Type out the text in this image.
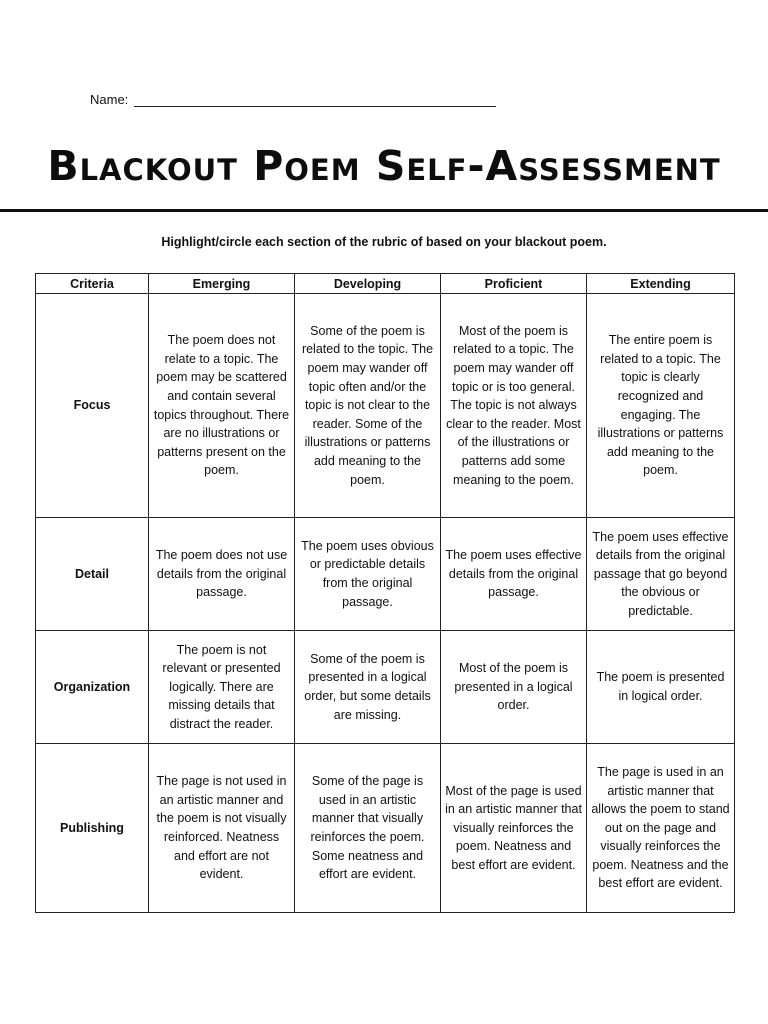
Name:
Blackout Poem Self-Assessment
Highlight/circle each section of the rubric of based on your blackout poem.
Criteria	Emerging	Developing	Proficient	Extending
Focus	The poem does not relate to a topic. The poem may be scattered and contain several topics throughout. There are no illustrations or patterns present on the poem.	Some of the poem is related to the topic. The poem may wander off topic often and/or the topic is not clear to the reader. Some of the illustrations or patterns add meaning to the poem.	Most of the poem is related to a topic. The poem may wander off topic or is too general. The topic is not always clear to the reader. Most of the illustrations or patterns add some meaning to the poem.	The entire poem is related to a topic. The topic is clearly recognized and engaging. The illustrations or patterns add meaning to the poem.
Detail	The poem does not use details from the original passage.	The poem uses obvious or predictable details from the original passage.	The poem uses effective details from the original passage.	The poem uses effective details from the original passage that go beyond the obvious or predictable.
Organization	The poem is not relevant or presented logically. There are missing details that distract the reader.	Some of the poem is presented in a logical order, but some details are missing.	Most of the poem is presented in a logical order.	The poem is presented in logical order.
Publishing	The page is not used in an artistic manner and the poem is not visually reinforced. Neatness and effort are not evident.	Some of the page is used in an artistic manner that visually reinforces the poem. Some neatness and effort are evident.	Most of the page is used in an artistic manner that visually reinforces the poem. Neatness and best effort are evident.	The page is used in an artistic manner that allows the poem to stand out on the page and visually reinforces the poem. Neatness and the best effort are evident.
